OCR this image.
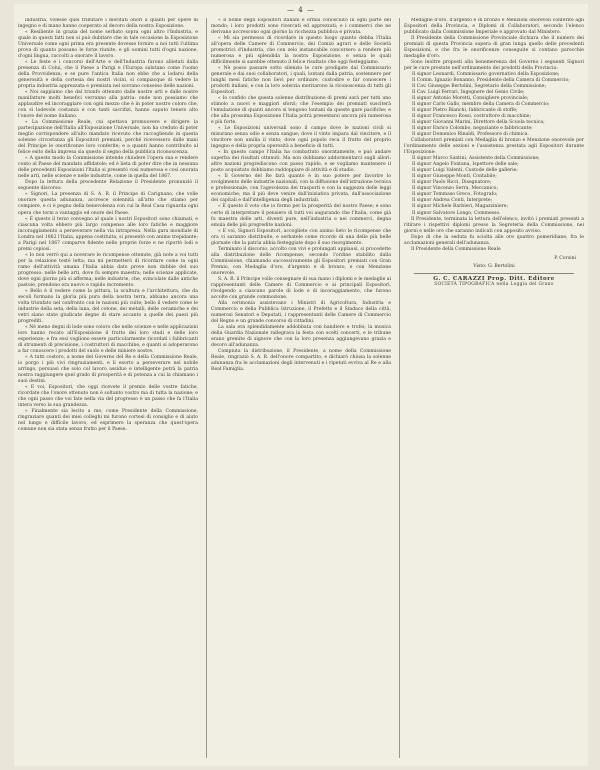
— 4 —

industria, volesse quei tributare i meritati onori a quanti per opere di ingegno e di mano hanno cooperato al decoro della nostra Esposizione.

« Resiliente in grazia del nome serbato sopra ogni altro l'Industria, e quale in questi fatti non si può dubitare che in tale occasione la Esposizione Universale come ogni prima era presente dovesse fornire a noi tutti l'ultima prova di quanto possano le forze riunite, e gli uomini tutti d'ogni nazione, d'ogni lingua, raccolti a onorare il lavoro.

« Le feste e i concorsi dell'Arte e dell'Industria furono allietati dalla presenza di Colui, che il Paese a Parigi e l'Europa salutano come l'uomo della Provvidenza; e se pure l'antica Italia non ebbe che a lodarsi della generosità e della cortesia dei nostri vicini, si compiacque di vedere la propria industria apprezzata e premiata nel sovrano consesso delle nazioni.

« Noi sappiamo che dal trionfo ottenuto dalle nostre arti e dalle nostre manifatture molti benefici verranno alla patria: onde non possiamo che applaudire ed incoraggiare con ogni mezzo che è in poter nostro coloro che, con sì lodevole costanza e con tanti sacrifizi, hanno saputo tenere alto l'onore del nome italiano.

« La Commissione Reale, cui spettava promuovere e dirigere la partecipazione dell'Italia all'Esposizione Universale, non ha creduto di poter meglio corrispondere all'alto mandato ricevuto che raccogliendo in questa solenne circostanza gli Espositori premiati, perché ricevessero dalle mani del Principe le onorificenze loro conferite; e a quanti hanno contribuito al felice esito della impresa sia questo il segno della pubblica riconoscenza.

« A questo modo la Commissione intende chiudere l'opera sua e rendere conto al Paese del mandato affidatole; ed è lieta di poter dire che in nessuna delle precedenti Esposizioni l'Italia si presentò così numerosa e così onorata nelle arti, nelle scienze e nelle industrie, come in quella del 1867.

Dopo la lettura della precedente Relazione il Presidente pronunziò il seguente discorso:

« Signori, La presenza di S. A. R. il Principe di Carignano, che volle onorare questa adunanza, accresce solennità all'atto che stiamo per compiere, e ci è pegno della benevolenza con cui la Real Casa riguarda ogni opera che torni a vantaggio ed onore del Paese.

« È questo il terzo convegno al quale i nostri Espositori sono chiamati, e ciascuna volta ebbero più largo compenso alle loro fatiche e maggiore incoraggiamento a perseverare nella via intrapresa. Nella gara mondiale di Londra nel 1862 l'Italia, appena costituita, si presentò con animo trepidante; a Parigi nel 1867 comparve fidente nelle proprie forze e ne riportò lodi e premi copiosi.

« Io non verrò qui a noverare le ricompense ottenute, già note a voi tutti per la relazione testé letta; ma mi permetterò di ricordare come in ogni ramo dell'attività umana l'Italia abbia dato prove non dubbie del suo progresso: nelle belle arti, dove fu sempre maestra; nelle scienze applicate, dove ogni giorno più si afferma; nelle industrie, che, svincolate dalle antiche pastoie, prendono ora nuovo e rapido incremento.

« Bello è il vedere come la pittura, la scultura e l'architettura, che da secoli formano la gloria più pura della nostra terra, abbiano ancora una volta trionfato nel confronto con le nazioni più culte; bello il vedere come le industrie della seta, della lana, del cotone, dei metalli, delle ceramiche e dei vetri siano state giudicate degne di stare accanto a quelle dei paesi più progrediti.

« Nè meno degni di lode sono coloro che nelle scienze e nelle applicazioni loro hanno recato all'Esposizione il frutto dei loro studi e delle loro esperienze; e fra essi vogliono essere particolarmente ricordati i fabbricanti di strumenti di precisione, i costruttori di macchine, e quanti si adoperarono a far conoscere i prodotti del suolo e delle miniere nostre.

« A tutti costoro, a nome del Governo del Re e della Commissione Reale, io porgo i più vivi ringraziamenti, e li esorto a perseverare nel nobile arringo, persuasi che solo col lavoro assiduo e intelligente potrà la patria nostra raggiungere quel grado di prosperità e di potenza a cui la chiamano i suoi destini.

« E voi, Espositori, che oggi ricevete il premio delle vostre fatiche, ricordate che l'onore ottenuto non è soltanto vostro ma di tutta la nazione; e che ogni passo che voi fate nella via del progresso è un passo che fa l'Italia intera verso la sua grandezza.

« Finalmente sia lecito a me, come Presidente della Commissione, ringraziare quanti dei miei colleghi mi furono cortesi di consiglio e di aiuto nel lungo e difficile lavoro, ed esprimere la speranza che quest'opera comune non sia stata senza frutto per il Paese.

« Il nome degli Espositori italiani è ormai conosciuto in ogni parte del mondo; i loro prodotti sono ricercati ed apprezzati; e i commerci che ne derivano accrescono ogni giorno la ricchezza pubblica e privata.

« Mi sia permesso di ricordare in questo luogo quanto debba l'Italia all'opera delle Camere di Commercio, dei Comizi agrari e delle Società promotrici d'industria, che con zelo instancabile concorsero a rendere più numerosa e più splendida la nostra Esposizione, e senza le quali difficilmente si sarebbe ottenuto il felice risultato che oggi festeggiamo.

« Nè posso passare sotto silenzio le cure prodigate dal Commissario generale e dai suoi collaboratori, i quali, lontani dalla patria, sostennero per lunghi mesi fatiche non lievi per ordinare, custodire e far conoscere i prodotti italiani, e con la loro solerzia meritarono la riconoscenza di tutti gli Espositori.

« Io confido che questa solenne distribuzione di premi sarà per tutti uno stimolo a nuovi e maggiori sforzi; che l'esempio dei premiati susciterà l'emulazione di quanti ancora si tengono lontani da queste gare pacifiche; e che alla prossima Esposizione l'Italia potrà presentarsi ancora più numerosa e più forte.

« Le Esposizioni universali sono il campo dove le nazioni civili si misurano senza odio e senza sangue; dove il vinto impara dal vincitore, e il vincitore non umilia il vinto; dove ogni popolo reca il frutto del proprio ingegno e della propria operosità a beneficio di tutti.

« In questo campo l'Italia ha combattuto onoratamente, e può andare superba dei risultati ottenuti. Ma non dobbiamo addormentarci sugli allori: altre nazioni progrediscono con passo rapido, e se vogliamo mantenere il posto acquistato dobbiamo raddoppiare di attività e di studio.

« Il Governo del Re farà quanto è in suo potere per favorire lo svolgimento delle industrie nazionali, con la diffusione dell'istruzione tecnica e professionale, con l'agevolezza dei trasporti e con la saggezza delle leggi economiche; ma il più deve venire dall'iniziativa privata, dall'associazione dei capitali e dall'intelligenza degli industriali.

« È questo il voto che io formo per la prosperità del nostro Paese; e sono certo di interpretare il pensiero di tutti voi augurando che l'Italia, come già fu maestra delle arti, diventi pure, nell'industria e nei commerci, degna emula delle più progredite nazioni.

« E voi, Signori Espositori, accogliete con animo lieto le ricompense che ora vi saranno distribuite, e serbatele come ricordo di una delle più belle giornate che la patria abbia festeggiate dopo il suo risorgimento.

Terminato il discorso, accolto con vivi e prolungati applausi, si procedette alla distribuzione delle ricompense, secondo l'ordine stabilito dalla Commissione, chiamando successivamente gli Espositori premiati con Gran Premio, con Medaglia d'oro, d'argento e di bronzo, e con Menzione onorevole.

S. A. R. il Principe volle consegnare di sua mano i diplomi e le medaglie ai rappresentanti delle Camere di Commercio e ai principali Espositori, rivolgendo a ciascuno parole di lode e di incoraggiamento, che furono accolte con grande commozione.

Alla cerimonia assistevano i Ministri di Agricoltura, Industria e Commercio e della Pubblica Istruzione, il Prefetto e il Sindaco della città, numerosi Senatori e Deputati, i rappresentanti delle Camere di Commercio del Regno e un grande concorso di cittadini.

La sala era splendidamente addobbata con bandiere e trofei; la musica della Guardia Nazionale rallegrava la festa con scelti concerti, e le tribune erano gremite di signore che con la loro presenza aggiungevano grazia e decoro all'adunanza.

Compiuta la distribuzione, il Presidente, a nome della Commissione Reale, ringraziò S. A. R. dell'onore compartito, e dichiarò chiusa la solenne adunanza fra le acclamazioni degli intervenuti e i ripetuti evviva al Re e alla Real Famiglia.

Medaglie d'oro, d'argento e di bronzo e Menzioni onorevoli conferite agli Espositori della Provincia, e Diplomi di Collaboratori, secondo l'elenco pubblicato dalla Commissione Imperiale e approvato dal Ministero.

Il Presidente della Commissione Provinciale dichiara che il numero dei premiati di questa Provincia supera di gran lunga quello delle precedenti Esposizioni, e che fra le onorificenze conseguite si contano parecchie medaglie d'oro.

Sono inoltre proposti alla benemerenza del Governo i seguenti Signori per le cure prestate nell'ordinamento dei prodotti della Provincia:

Il signor Leonardi, Commissario governativo della Esposizione;

Il Comm. Ignazio Bonanno, Presidente della Camera di Commercio;

Il Cav. Giuseppe Bertolini, Segretario della Commissione;

Il Cav. Luigi Ferrari, Ingegnere del Genio Civile;

Il signor Antonio Moretti, Consigliere provinciale;

Il signor Carlo Gallo, membro della Camera di Commercio;

Il signor Pietro Bianchi, fabbricante di stoffe;

Il signor Francesco Rossi, costruttore di macchine;

Il signor Giovanni Marini, Direttore della Scuola tecnica;

Il signor Enrico Colombo, negoziante e fabbricante;

Il signor Domenico Rinaldi, Professore di chimica.

Collaboratori premiati con Medaglia di bronzo e Menzione onorevole per l'ordinamento delle sezioni e l'assistenza prestata agli Espositori durante l'Esposizione:

Il signor Marco Santini, Assistente della Commissione;

Il signor Angelo Fontana, Ispettore delle sale;

Il signor Luigi Valenti, Custode delle gallerie;

Il signor Giuseppe Monti, Contabile;

Il signor Paolo Ricci, Disegnatore;

Il signor Vincenzo Serra, Meccanico;

Il signor Tommaso Greco, Fotografo;

Il signor Andrea Conti, Interprete;

Il signor Michele Barbieri, Magazziniere;

Il signor Salvatore Longo, Commesso.

Il Presidente, terminata la lettura dell'elenco, invitò i premiati presenti a ritirare i rispettivi diplomi presso la Segreteria della Commissione, nei giorni e nelle ore che saranno indicati con apposito avviso.

Dopo di che la seduta fu sciolta alle ore quattro pomeridiane, fra le acclamazioni generali dell'adunanza.

Il Presidente della Commissione Reale

P. Corsini

Visto: G. Bertolini

G. C. CARAZZI Prop. Ditt. Editore
SOCIETÀ TIPOGRAFICA nella Loggia del Grano
